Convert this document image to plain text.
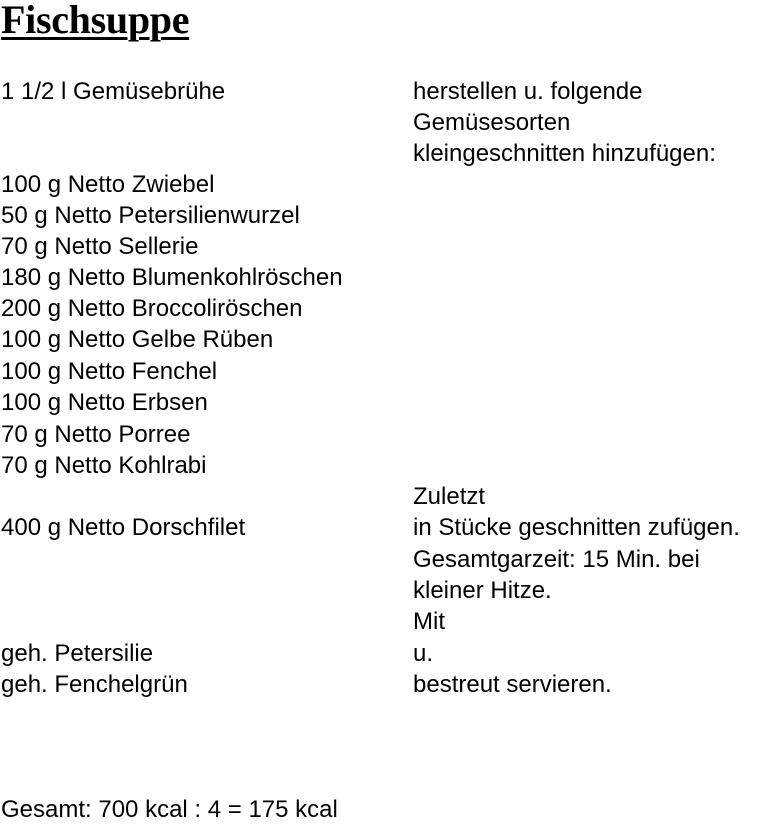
Fischsuppe
1 1/2 l Gemüsebrühe	herstellen u. folgende
Gemüsesorten
kleingeschnitten hinzufügen:
100 g Netto Zwiebel
50 g Netto Petersilienwurzel
70 g Netto Sellerie
180 g Netto Blumenkohlröschen
200 g Netto Broccoliröschen
100 g Netto Gelbe Rüben
100 g Netto Fenchel
100 g Netto Erbsen
70 g Netto Porree
70 g Netto Kohlrabi
Zuletzt
400 g Netto Dorschfilet	in Stücke geschnitten zufügen.
Gesamtgarzeit: 15 Min. bei
kleiner Hitze.
Mit
geh. Petersilie	u.
geh. Fenchelgrün	bestreut servieren.
Gesamt: 700 kcal : 4 = 175 kcal
